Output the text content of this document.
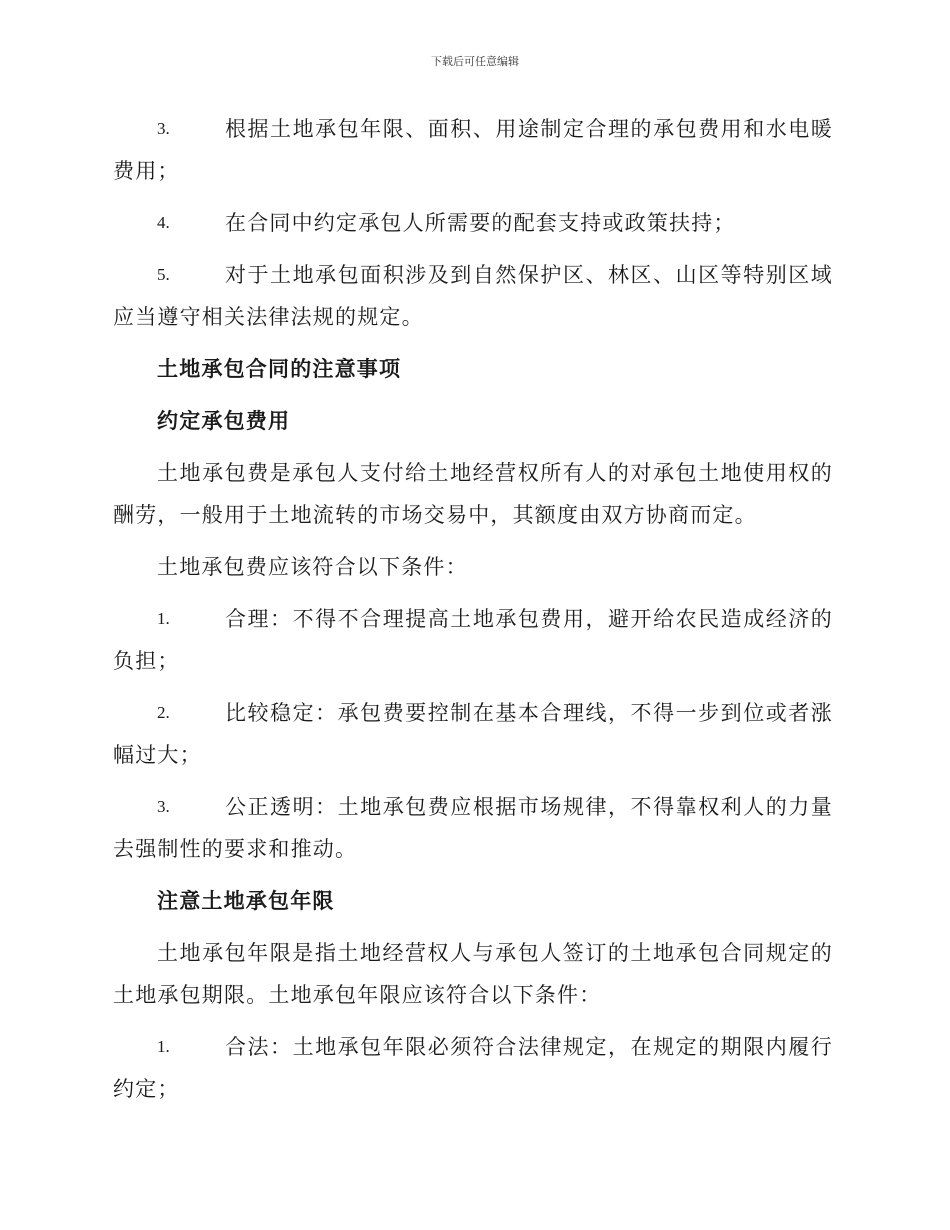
下载后可任意编辑
3.	根据土地承包年限、面积、用途制定合理的承包费用和水电暖费用；
4.	在合同中约定承包人所需要的配套支持或政策扶持；
5.	对于土地承包面积涉及到自然保护区、林区、山区等特别区域应当遵守相关法律法规的规定。
土地承包合同的注意事项
约定承包费用

土地承包费是承包人支付给土地经营权所有人的对承包土地使用权的酬劳，一般用于土地流转的市场交易中，其额度由双方协商而定。

土地承包费应该符合以下条件：

1.	合理：不得不合理提高土地承包费用，避开给农民造成经济的负担；
2.	比较稳定：承包费要控制在基本合理线，不得一步到位或者涨幅过大；
3.	公正透明：土地承包费应根据市场规律，不得靠权利人的力量去强制性的要求和推动。
注意土地承包年限

土地承包年限是指土地经营权人与承包人签订的土地承包合同规定的土地承包期限。土地承包年限应该符合以下条件：

1.	合法：土地承包年限必须符合法律规定，在规定的期限内履行约定；
